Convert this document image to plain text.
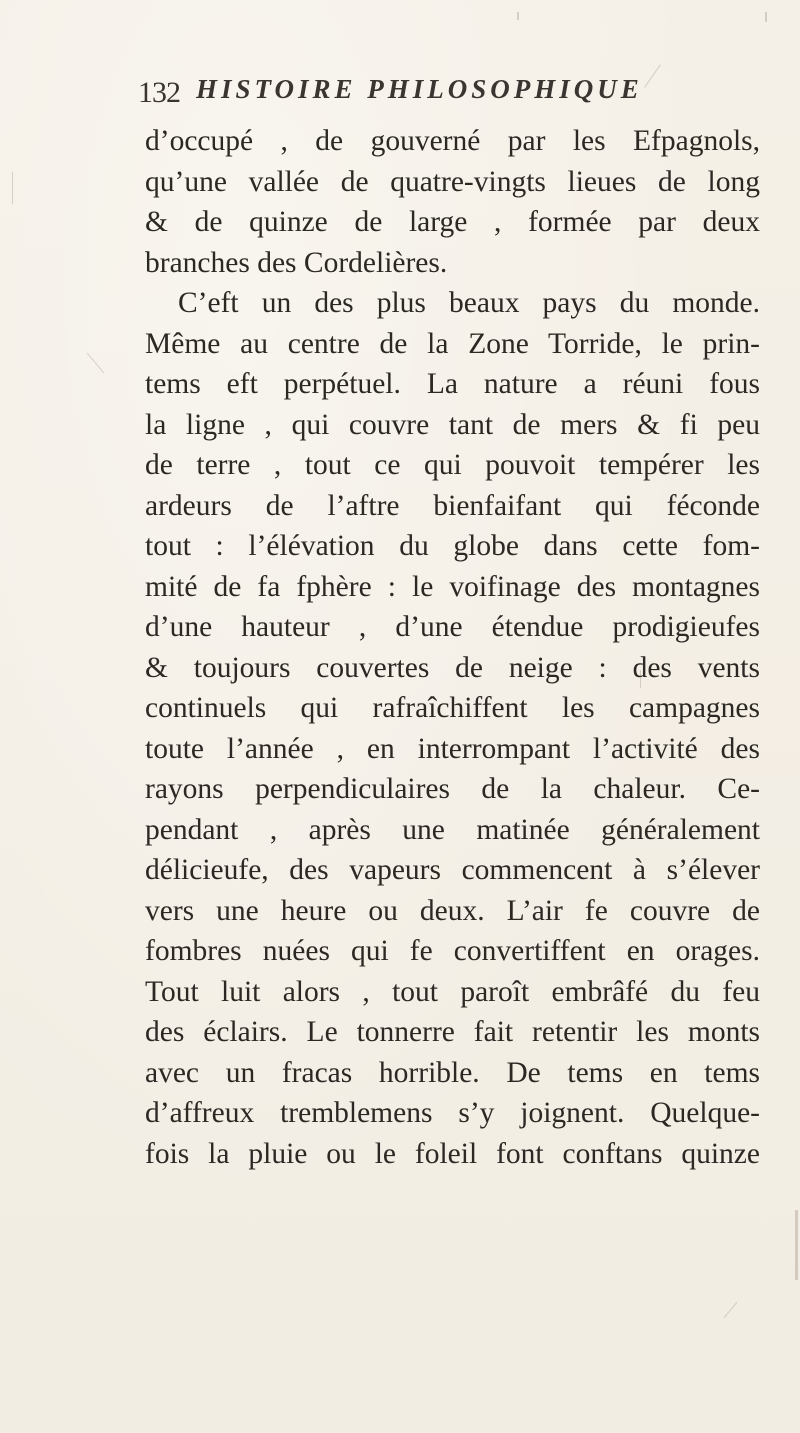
132 HISTOIRE PHILOSOPHIQUE
d’occupé , de gouverné par les Efpagnols,
qu’une vallée de quatre-vingts lieues de long
& de quinze de large , formée par deux
branches des Cordelières.
C’eft un des plus beaux pays du monde.
Même au centre de la Zone Torride, le prin-
tems eft perpétuel. La nature a réuni fous
la ligne , qui couvre tant de mers & fi peu
de terre , tout ce qui pouvoit tempérer les
ardeurs de l’aftre bienfaifant qui féconde
tout : l’élévation du globe dans cette fom-
mité de fa fphère : le voifinage des montagnes
d’une hauteur , d’une étendue prodigieufes
& toujours couvertes de neige : des vents
continuels qui rafraîchiffent les campagnes
toute l’année , en interrompant l’activité des
rayons perpendiculaires de la chaleur. Ce-
pendant , après une matinée généralement
délicieufe, des vapeurs commencent à s’élever
vers une heure ou deux. L’air fe couvre de
fombres nuées qui fe convertiffent en orages.
Tout luit alors , tout paroît embrâfé du feu
des éclairs. Le tonnerre fait retentir les monts
avec un fracas horrible. De tems en tems
d’affreux tremblemens s’y joignent. Quelque-
fois la pluie ou le foleil font conftans quinze
